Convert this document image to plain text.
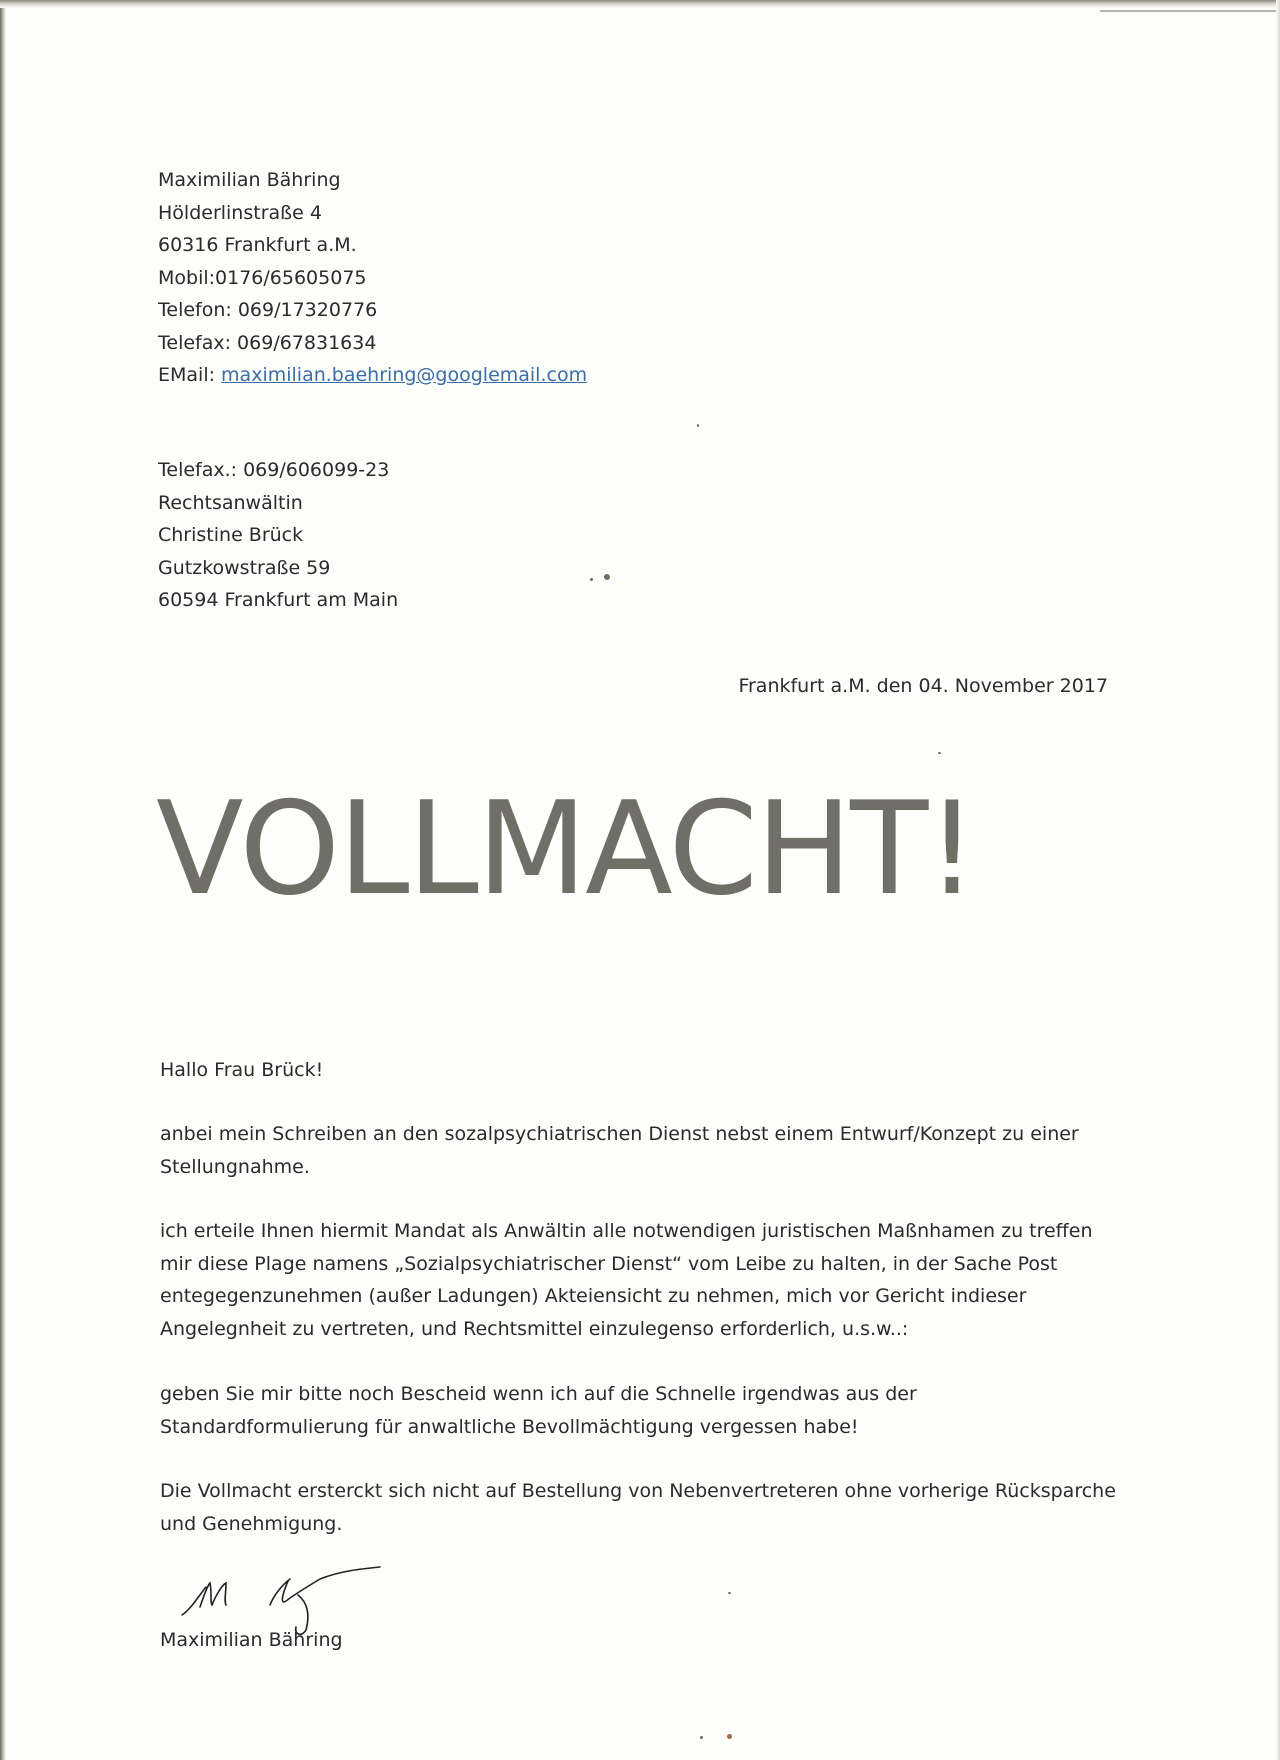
Maximilian Bähring
Hölderlinstraße 4
60316 Frankfurt a.M.
Mobil:0176/65605075
Telefon: 069/17320776
Telefax: 069/67831634
EMail: maximilian.baehring@googlemail.com
Telefax.: 069/606099-23
Rechtsanwältin
Christine Brück
Gutzkowstraße 59
60594 Frankfurt am Main
Frankfurt a.M. den 04. November 2017
VOLLMACHT!
Hallo Frau Brück!
anbei mein Schreiben an den sozalpsychiatrischen Dienst nebst einem Entwurf/Konzept zu einer Stellungnahme.
ich erteile Ihnen hiermit Mandat als Anwältin alle notwendigen juristischen Maßnhamen zu treffen mir diese Plage namens „Sozialpsychiatrischer Dienst“ vom Leibe zu halten, in der Sache Post entegegenzunehmen (außer Ladungen) Akteiensicht zu nehmen, mich vor Gericht indieser Angelegnheit zu vertreten, und Rechtsmittel einzulegenso erforderlich, u.s.w..:
geben Sie mir bitte noch Bescheid wenn ich auf die Schnelle irgendwas aus der Standardformulierung für anwaltliche Bevollmächtigung vergessen habe!
Die Vollmacht ersterckt sich nicht auf Bestellung von Nebenvertreteren ohne vorherige Rücksparche und Genehmigung.
Maximilian Bähring
